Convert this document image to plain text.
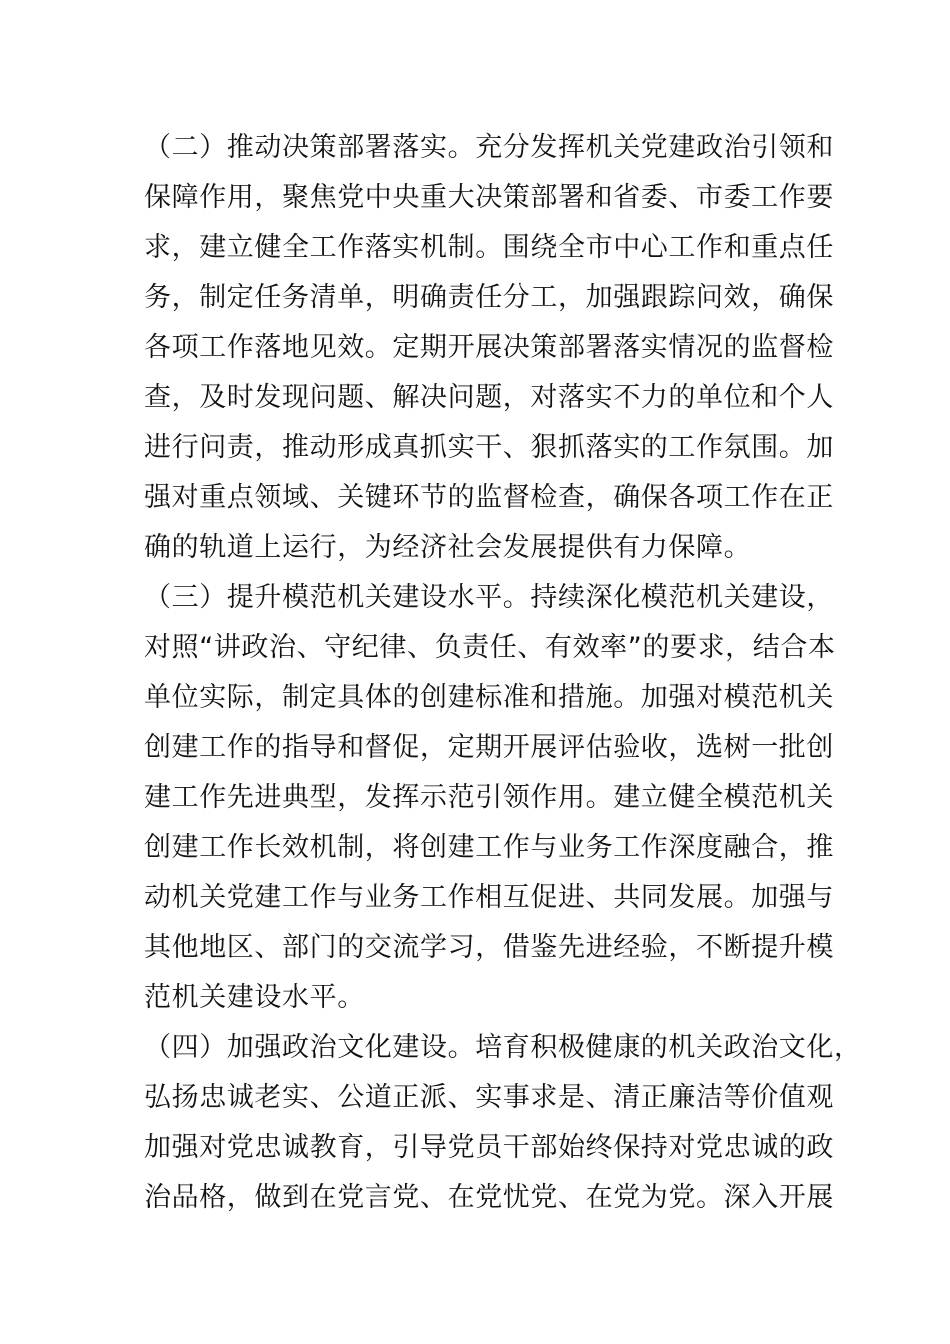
（二）推动决策部署落实。充分发挥机关党建政治引领和
保障作用，聚焦党中央重大决策部署和省委、市委工作要
求，建立健全工作落实机制。围绕全市中心工作和重点任
务，制定任务清单，明确责任分工，加强跟踪问效，确保
各项工作落地见效。定期开展决策部署落实情况的监督检
查，及时发现问题、解决问题，对落实不力的单位和个人
进行问责，推动形成真抓实干、狠抓落实的工作氛围。加
强对重点领域、关键环节的监督检查，确保各项工作在正
确的轨道上运行，为经济社会发展提供有力保障。
（三）提升模范机关建设水平。持续深化模范机关建设，
对照“讲政治、守纪律、负责任、有效率”的要求，结合本
单位实际，制定具体的创建标准和措施。加强对模范机关
创建工作的指导和督促，定期开展评估验收，选树一批创
建工作先进典型，发挥示范引领作用。建立健全模范机关
创建工作长效机制，将创建工作与业务工作深度融合，推
动机关党建工作与业务工作相互促进、共同发展。加强与
其他地区、部门的交流学习，借鉴先进经验，不断提升模
范机关建设水平。
（四）加强政治文化建设。培育积极健康的机关政治文化，
弘扬忠诚老实、公道正派、实事求是、清正廉洁等价值观
加强对党忠诚教育，引导党员干部始终保持对党忠诚的政
治品格，做到在党言党、在党忧党、在党为党。深入开展
